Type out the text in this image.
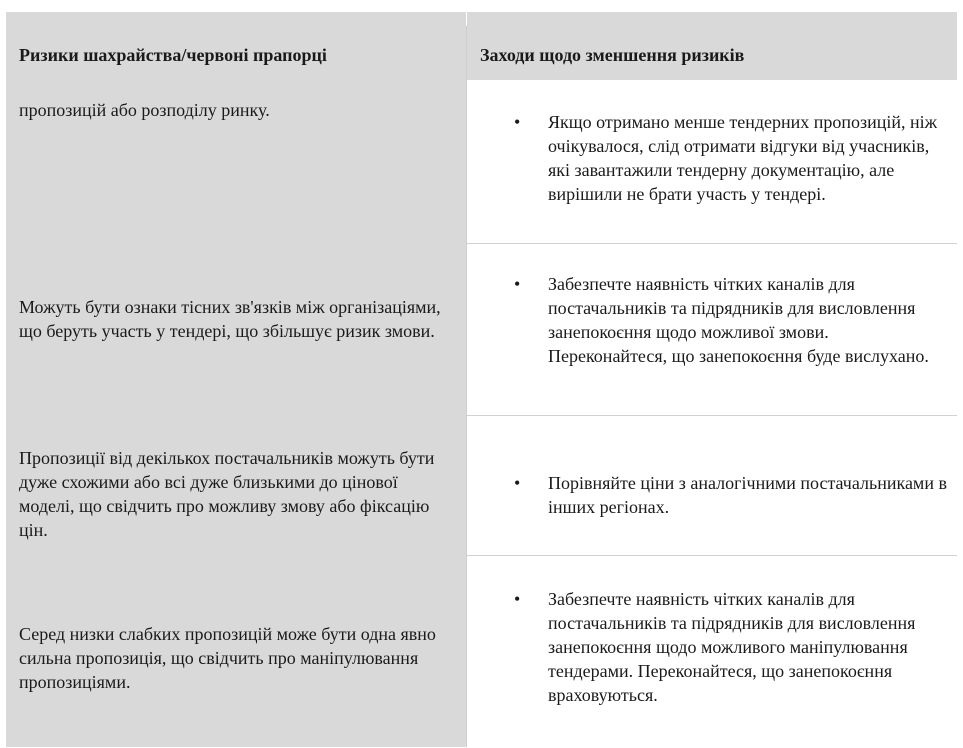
Ризики шахрайства/червоні прапорці	Заходи щодо зменшення ризиків
пропозицій або розподілу ринку.
• Якщо отримано менше тендерних пропозицій, ніж очікувалося, слід отримати відгуки від учасників, які завантажили тендерну документацію, але вирішили не брати участь у тендері.
Можуть бути ознаки тісних зв'язків між організаціями, що беруть участь у тендері, що збільшує ризик змови.
• Забезпечте наявність чітких каналів для постачальників та підрядників для висловлення занепокоєння щодо можливої змови. Переконайтеся, що занепокоєння буде вислухано.
Пропозиції від декількох постачальників можуть бути дуже схожими або всі дуже близькими до цінової моделі, що свідчить про можливу змову або фіксацію цін.
• Порівняйте ціни з аналогічними постачальниками в інших регіонах.
Серед низки слабких пропозицій може бути одна явно сильна пропозиція, що свідчить про маніпулювання пропозиціями.
• Забезпечте наявність чітких каналів для постачальників та підрядників для висловлення занепокоєння щодо можливого маніпулювання тендерами. Переконайтеся, що занепокоєння враховуються.
